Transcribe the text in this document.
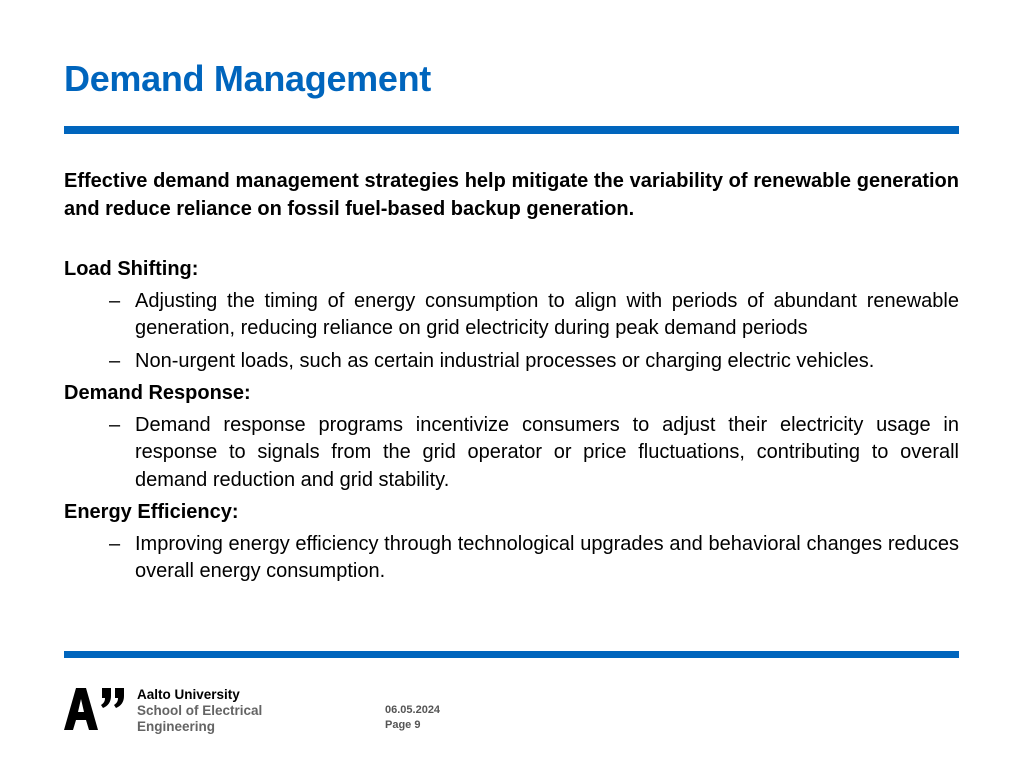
Demand Management

Effective demand management strategies help mitigate the variability of renewable generation and reduce reliance on fossil fuel-based backup generation.

Load Shifting:

– Adjusting the timing of energy consumption to align with periods of abundant renewable generation, reducing reliance on grid electricity during peak demand periods
– Non-urgent loads, such as certain industrial processes or charging electric vehicles.

Demand Response:

– Demand response programs incentivize consumers to adjust their electricity usage in response to signals from the grid operator or price fluctuations, contributing to overall demand reduction and grid stability.

Energy Efficiency:

– Improving energy efficiency through technological upgrades and behavioral changes reduces overall energy consumption.
Aalto University
School of Electrical
Engineering
06.05.2024
Page 9
